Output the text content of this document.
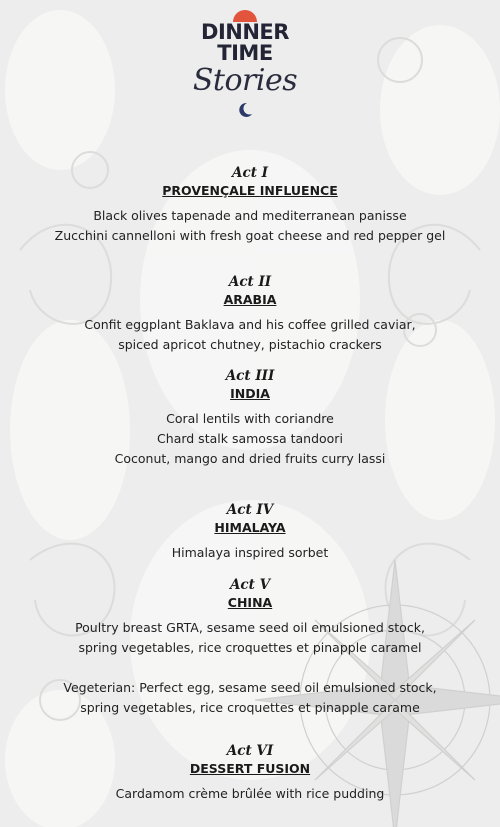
DINNER
TIME
Stories
Act I
PROVENÇALE INFLUENCE
Black olives tapenade and mediterranean panisse
Zucchini cannelloni with fresh goat cheese and red pepper gel
Act II
ARABIA
Confit eggplant Baklava and his coffee grilled caviar,
spiced apricot chutney, pistachio crackers
Act III
INDIA
Coral lentils with coriandre
Chard stalk samossa tandoori
Coconut, mango and dried fruits curry lassi
Act IV
HIMALAYA
Himalaya inspired sorbet
Act V
CHINA
Poultry breast GRTA, sesame seed oil emulsioned stock,
spring vegetables, rice croquettes et pinapple caramel
Vegeterian: Perfect egg, sesame seed oil emulsioned stock,
spring vegetables, rice croquettes et pinapple carame
Act VI
DESSERT FUSION
Cardamom crème brûlée with rice pudding
